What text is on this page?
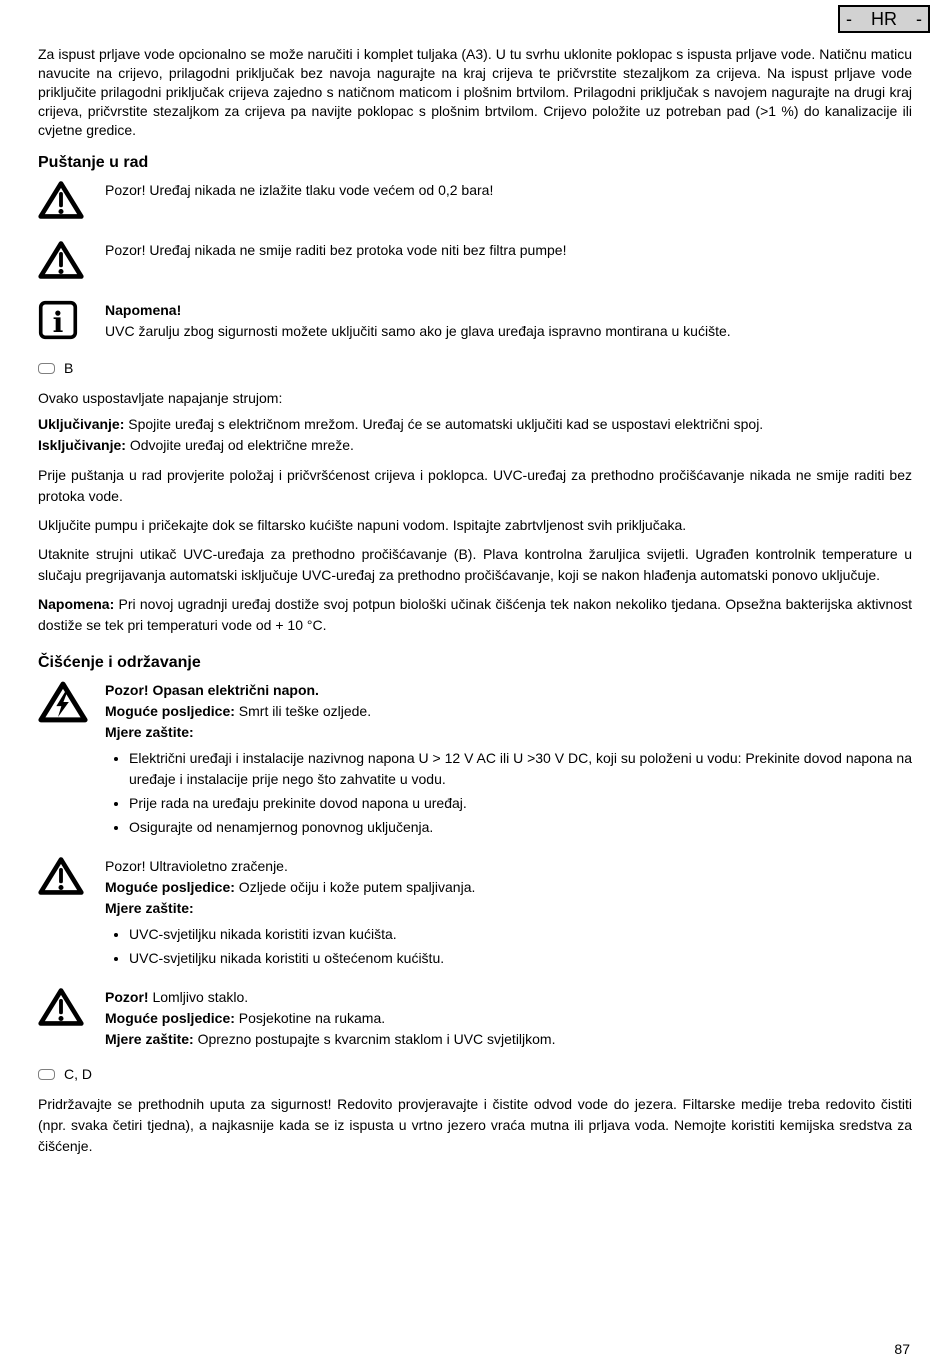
- HR -

Za ispust prljave vode opcionalno se može naručiti i komplet tuljaka (A3). U tu svrhu uklonite poklopac s ispusta prljave vode. Natičnu maticu navucite na crijevo, prilagodni priključak bez navoja nagurajte na kraj crijeva te pričvrstite stezaljkom za crijeva. Na ispust prljave vode priključite prilagodni priključak crijeva zajedno s natičnom maticom i plošnim brtvilom. Prilagodni priključak s navojem nagurajte na drugi kraj crijeva, pričvrstite stezaljkom za crijeva pa navijte poklopac s plošnim brtvilom. Crijevo položite uz potreban pad (>1 %) do kanalizacije ili cvjetne gredice.

Puštanje u rad
Pozor! Uređaj nikada ne izlažite tlaku vode većem od 0,2 bara!
Pozor! Uređaj nikada ne smije raditi bez protoka vode niti bez filtra pumpe!
i	Napomena!
UVC žarulju zbog sigurnosti možete uključiti samo ako je glava uređaja ispravno montirana u kućište.
B

Ovako uspostavljate napajanje strujom:

Uključivanje: Spojite uređaj s električnom mrežom. Uređaj će se automatski uključiti kad se uspostavi električni spoj.

Isključivanje: Odvojite uređaj od električne mreže.

Prije puštanja u rad provjerite položaj i pričvršćenost crijeva i poklopca. UVC-uređaj za prethodno pročišćavanje nikada ne smije raditi bez protoka vode.

Uključite pumpu i pričekajte dok se filtarsko kućište napuni vodom. Ispitajte zabrtvljenost svih priključaka.

Utaknite strujni utikač UVC-uređaja za prethodno pročišćavanje (B). Plava kontrolna žaruljica svijetli. Ugrađen kontrolnik temperature u slučaju pregrijavanja automatski isključuje UVC-uređaj za prethodno pročišćavanje, koji se nakon hlađenja automatski ponovo uključuje.

Napomena: Pri novoj ugradnji uređaj dostiže svoj potpun biološki učinak čišćenja tek nakon nekoliko tjedana. Opsežna bakterijska aktivnost dostiže se tek pri temperaturi vode od + 10 °C.

Čišćenje i održavanje
Pozor! Opasan električni napon.
Moguće posljedice: Smrt ili teške ozljede.
Mjere zaštite:
• Električni uređaji i instalacije nazivnog napona U > 12 V AC ili U >30 V DC, koji su položeni u vodu: Prekinite dovod napona na uređaje i instalacije prije nego što zahvatite u vodu.
• Prije rada na uređaju prekinite dovod napona u uređaj.
• Osigurajte od nenamjernog ponovnog uključenja.
Pozor! Ultravioletno zračenje.
Moguće posljedice: Ozljede očiju i kože putem spaljivanja.
Mjere zaštite:
• UVC-svjetiljku nikada koristiti izvan kućišta.
• UVC-svjetiljku nikada koristiti u oštećenom kućištu.
Pozor! Lomljivo staklo.
Moguće posljedice: Posjekotine na rukama.
Mjere zaštite: Oprezno postupajte s kvarcnim staklom i UVC svjetiljkom.
C, D

Pridržavajte se prethodnih uputa za sigurnost! Redovito provjeravajte i čistite odvod vode do jezera. Filtarske medije treba redovito čistiti (npr. svaka četiri tjedna), a najkasnije kada se iz ispusta u vrtno jezero vraća mutna ili prljava voda. Nemojte koristiti kemijska sredstva za čišćenje.

87
